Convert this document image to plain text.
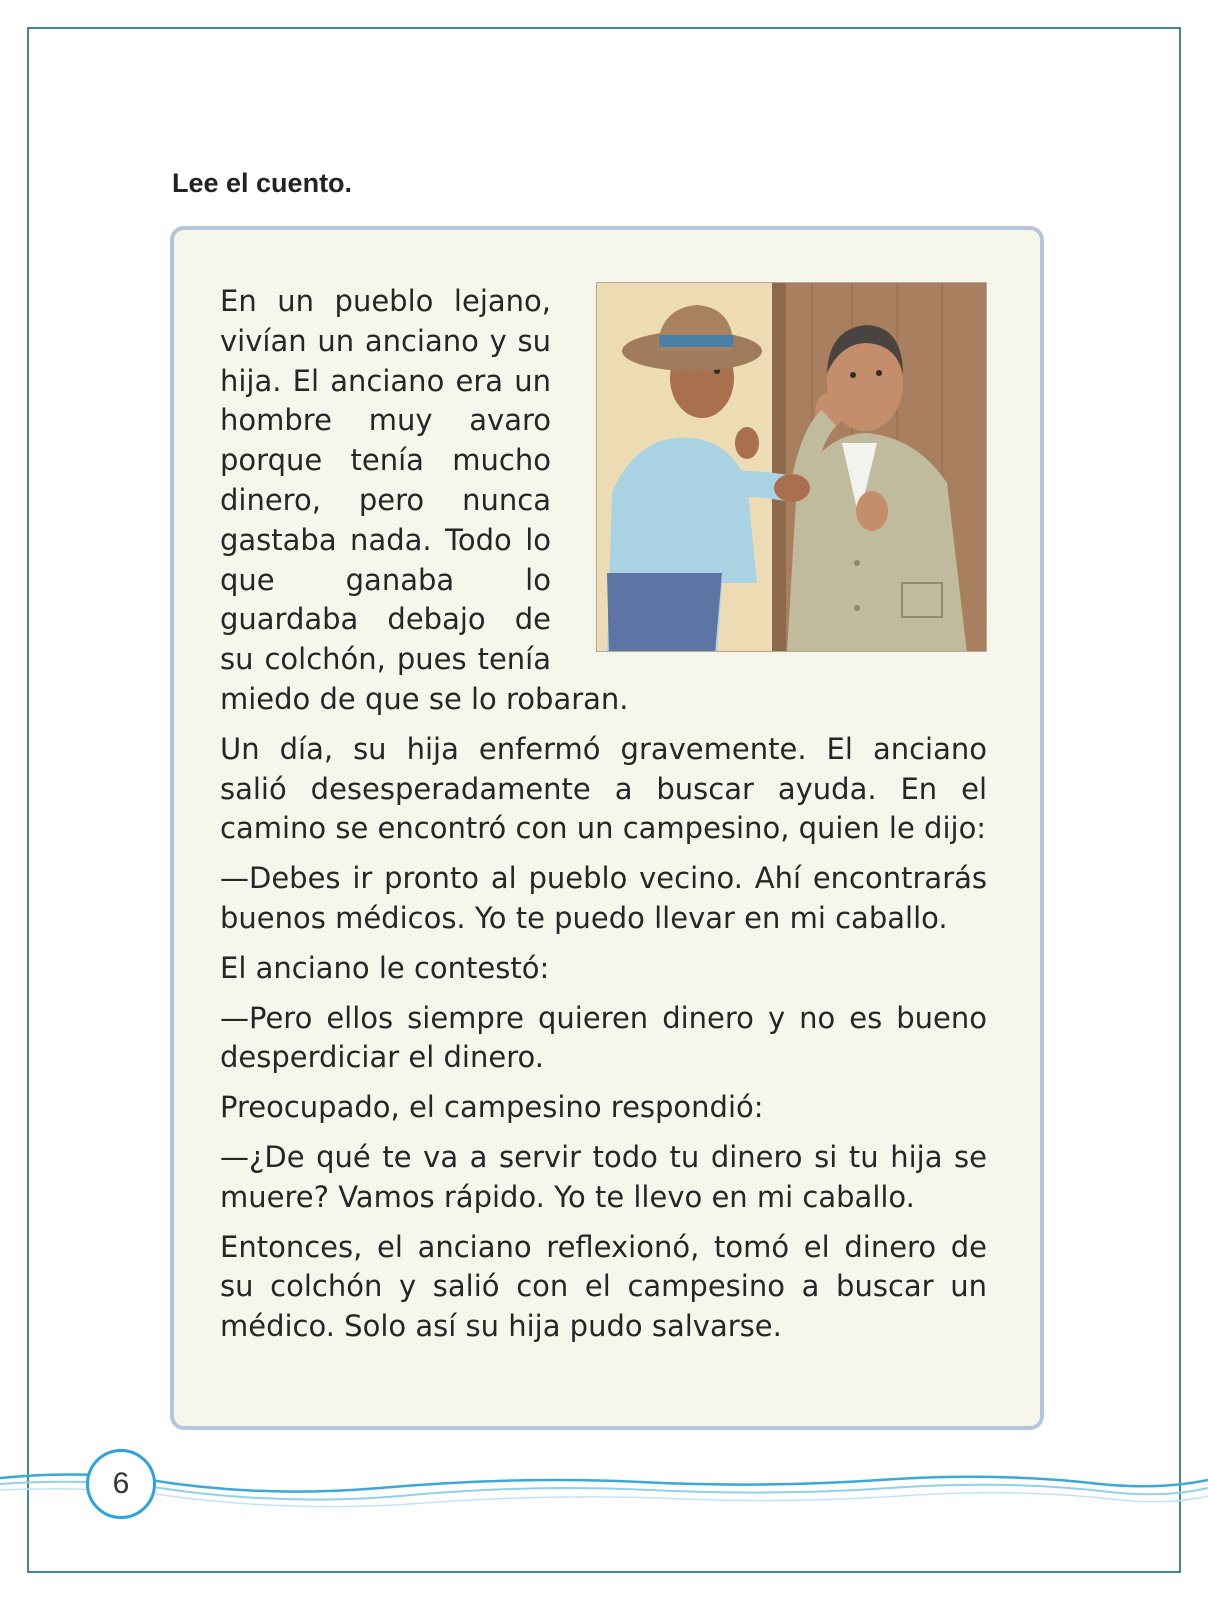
Lee el cuento.

En un pueblo lejano, vivían un anciano y su hija. El anciano era un hombre muy avaro porque tenía mucho dinero, pero nunca gastaba nada. Todo lo que ganaba lo guardaba debajo de su colchón, pues tenía miedo de que se lo robaran.

Un día, su hija enfermó gravemente. El anciano salió desesperadamente a buscar ayuda. En el camino se encontró con un campesino, quien le dijo:

—Debes ir pronto al pueblo vecino. Ahí encontrarás buenos médicos. Yo te puedo llevar en mi caballo.

El anciano le contestó:

—Pero ellos siempre quieren dinero y no es bueno desperdiciar el dinero.

Preocupado, el campesino respondió:

—¿De qué te va a servir todo tu dinero si tu hija se muere? Vamos rápido. Yo te llevo en mi caballo.

Entonces, el anciano reflexionó, tomó el dinero de su colchón y salió con el campesino a buscar un médico. Solo así su hija pudo salvarse.

6
